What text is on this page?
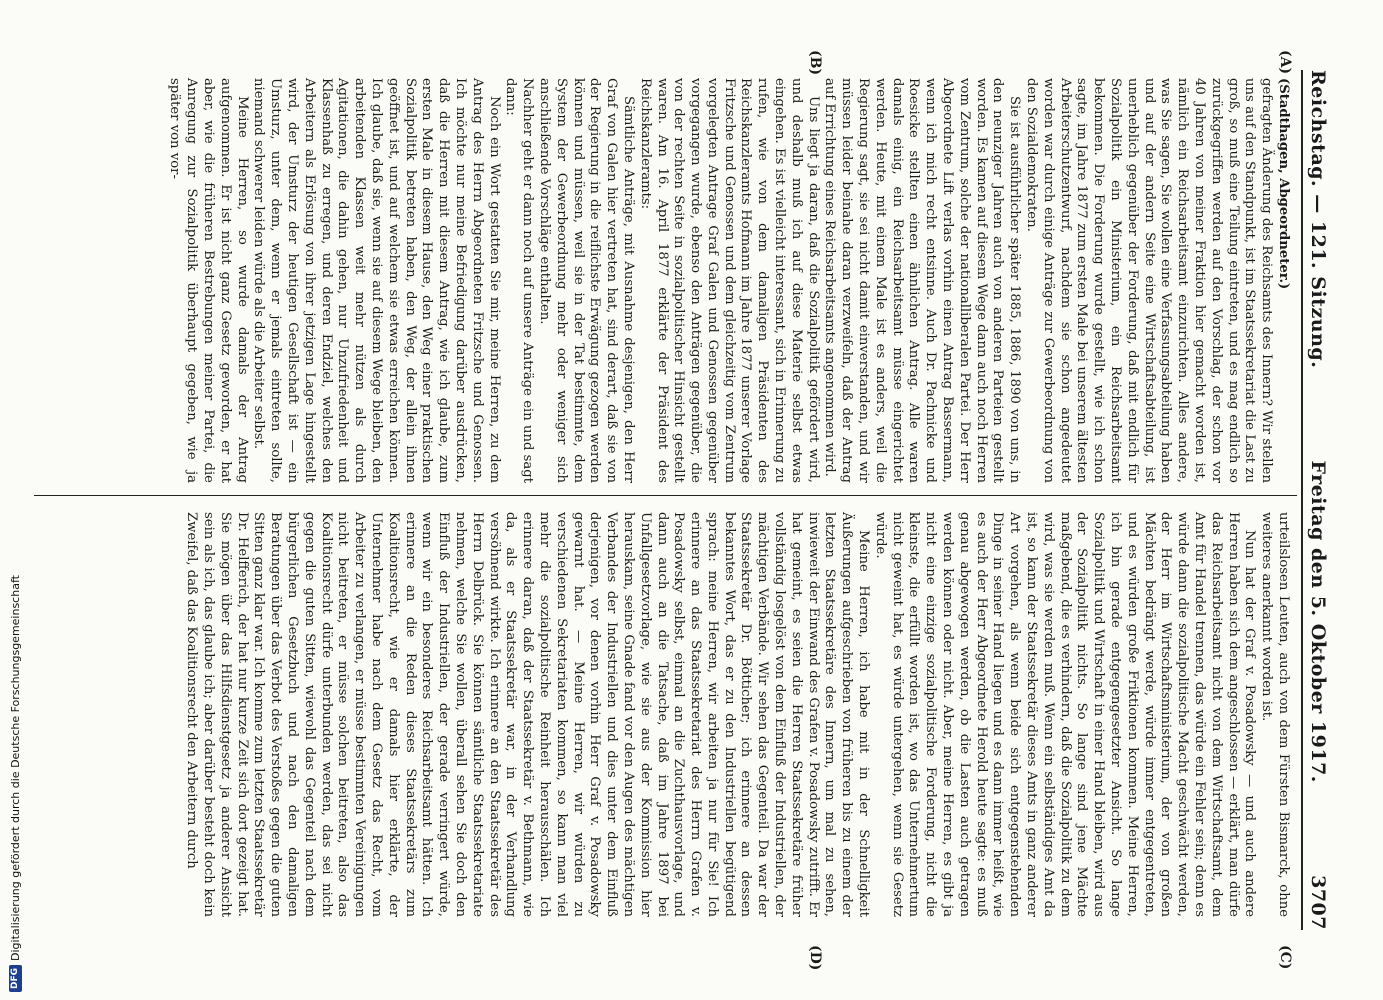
Reichstag. — 121. Sitzung.
Freitag den 5. Oktober 1917.
3707
(A)
(B)
(C)
(D)

(Stadthagen, Abgeordneter.)

gefragten Änderung des Reichsamts des Innern? Wir stellen uns auf den Standpunkt, ist im Staatssekretariat die Last zu groß, so muß eine Teilung eintreten, und es mag endlich so zurückgegriffen werden auf den Vorschlag, der schon vor 40 Jahren von meiner Fraktion hier gemacht worden ist, nämlich ein Reichsarbeitsamt einzurichten. Alles andere, was Sie sagen, Sie wollen eine Verfassungsabteilung haben und auf der andern Seite eine Wirtschaftsabteilung, ist unerheblich gegenüber der Forderung, daß mit endlich für Sozialpolitik ein Ministerium, ein Reichsarbeitsamt bekommen. Die Forderung wurde gestellt, wie ich schon sagte, im Jahre 1877 zum ersten Male bei unserem ältesten Arbeiterschutzentwurf, nachdem sie schon angedeutet worden war durch einige Anträge zur Gewerbeordnung von den Sozialdemokraten.

Sie ist ausführlicher später 1885, 1886, 1890 von uns, in den neunziger Jahren auch von anderen Parteien gestellt worden. Es kamen auf diesem Wege dann auch noch Herren vom Zentrum, solche der nationalliberalen Partei. Der Herr Abgeordnete Lift verlas vorhin einen Antrag Bassermann, wenn ich mich recht entsinne. Auch Dr. Pachnicke und Roesicke stellten einen ähnlichen Antrag. Alle waren damals einig, ein Reichsarbeitsamt müsse eingerichtet werden. Heute, mit einem Male ist es anders, weil die Regierung sagt, sie sei nicht damit einverstanden, und wir müssen leider beinahe daran verzweifeln, daß der Antrag auf Errichtung eines Reichsarbeitsamts angenommen wird.

Uns liegt ja daran, daß die Sozialpolitik gefördert wird, und deshalb muß ich auf diese Materie selbst etwas eingehen. Es ist vielleicht interessant, sich in Erinnerung zu rufen, wie von dem damaligen Präsidenten des Reichskanzleramts Hofmann im Jahre 1877 unserer Vorlage Fritzsche und Genossen und dem gleichzeitig vom Zentrum vorgelegten Antrage Graf Galen und Genossen gegenüber vorgegangen wurde, ebenso den Anträgen gegenüber, die von der rechten Seite in sozialpolitischer Hinsicht gestellt waren. Am 16. April 1877 erklärte der Präsident des Reichskanzleramts:

Sämtliche Anträge, mit Ausnahme desjenigen, den Herr Graf von Galen hier vertreten hat, sind derart, daß sie von der Regierung in die reiflichste Erwägung gezogen werden können und müssen, weil sie in der Tat bestimmte, dem System der Gewerbeordnung mehr oder weniger sich anschließende Vorschläge enthalten.

Nachher geht er dann noch auf unsere Anträge ein und sagt dann:

Noch ein Wort gestatten Sie mir, meine Herren, zu dem Antrag des Herrn Abgeordneten Fritzsche und Genossen. Ich möchte nur meine Befriedigung darüber ausdrücken, daß die Herren mit diesem Antrag, wie ich glaube, zum ersten Male in diesem Hause, den Weg einer praktischen Sozialpolitik betreten haben, den Weg, der allein ihnen geöffnet ist, und auf welchem sie etwas erreichen können. Ich glaube, daß sie, wenn sie auf diesem Wege bleiben, den arbeitenden Klassen weit mehr nützen als durch Agitationen, die dahin gehen, nur Unzufriedenheit und Klassenhaß zu erregen, und deren Endziel, welches den Arbeitern als Erlösung von ihrer jetzigen Lage hingestellt wird, der Umsturz der heutigen Gesellschaft ist — ein Umsturz, unter dem, wenn er jemals eintreten sollte, niemand schwerer leiden würde als die Arbeiter selbst.

Meine Herren, so wurde damals der Antrag aufgenommen. Er ist nicht ganz Gesetz geworden, er hat aber, wie die früheren Bestrebungen meiner Partei, die Anregung zur Sozialpolitik überhaupt gegeben, wie ja später von vor-

urteilslosen Leuten, auch von dem Fürsten Bismarck, ohne weiteres anerkannt worden ist.

Nun hat der Graf v. Posadowsky — und auch andere Herren haben sich dem angeschlossen — erklärt, man dürfe das Reichsarbeitsamt nicht von dem Wirtschaftsamt, dem Amt für Handel trennen, das würde ein Fehler sein; denn es würde dann die sozialpolitische Macht geschwächt werden, der Herr im Wirtschaftsministerium, der von großen Mächten bedrängt werde, würde immer entgegentreten, und es würden große Friktionen kommen. Meine Herren, ich bin gerade entgegengesetzter Ansicht. So lange Sozialpolitik und Wirtschaft in einer Hand bleiben, wird aus der Sozialpolitik nichts. So lange sind jene Mächte maßgebend, die es verhindern, daß die Sozialpolitik zu dem wird, was sie werden muß. Wenn ein selbständiges Amt da ist, so kann der Staatssekretär dieses Amts in ganz anderer Art vorgehen, als wenn beide sich entgegenstehenden Dinge in seiner Hand liegen und es dann immer heißt, wie es auch der Herr Abgeordnete Herold heute sagte: es muß genau abgewogen werden, ob die Lasten auch getragen werden können oder nicht. Aber, meine Herren, es gibt ja nicht eine einzige sozialpolitische Forderung, nicht die kleinste, die erfüllt worden ist, wo das Unternehmertum nicht geweint hat, es würde untergehen, wenn sie Gesetz würde.

Meine Herren, ich habe mit in der Schnelligkeit Äußerungen aufgeschrieben von früheren bis zu einem der letzten Staatssekretäre des Innern, um mal zu sehen, inwieweit der Einwand des Grafen v. Posadowsky zutrifft. Er hat gemeint, es seien die Herren Staatssekretäre früher vollständig losgelöst von dem Einfluß der Industriellen, der mächtigen Verbände. Wir sehen das Gegenteil. Da war der Staatssekretär Dr. Bötticher; ich erinnere an dessen bekanntes Wort, das er zu den Industriellen begütigend sprach: meine Herren, wir arbeiten ja nur für Sie! Ich erinnere an das Staatssekretariat des Herrn Grafen v. Posadowsky selbst, einmal an die Zuchthausvorlage, und dann auch an die Tatsache, daß im Jahre 1897 bei Unfallgesetzvorlage, wie sie aus der Kommission hier herauskam, seine Gnade fand vor den Augen des mächtigen Verbandes der Industriellen und dies unter dem Einfluß derjenigen, vor denen vorhin Herr Graf v. Posadowsky gewarnt hat. — Meine Herren, wir würden zu verschiedenen Sekretariaten kommen, so kann man viel mehr die sozialpolitische Reinheit herausschälen. Ich erinnere daran, daß der Staatssekretär v. Bethmann, wie da, als er Staatssekretär war, in der Verhandlung versöhnend wirkte. Ich erinnere an den Staatssekretär des Herrn Delbrück. Sie können sämtliche Staatssekretariate nehmen, welche Sie wollen, überall sehen Sie doch den Einfluß der Industriellen, der gerade verringert würde, wenn wir ein besonderes Reichsarbeitsamt hätten. Ich erinnere an die Reden dieses Staatssekretärs zum Koalitionsrecht, wie er damals hier erklärte, der Unternehmer habe nach dem Gesetz das Recht, vom Arbeiter zu verlangen, er müsse bestimmten Vereinigungen nicht beitreten, er müsse solchen beitreten, also das Koalitionsrecht dürfe unterbunden werden, das sei nicht gegen die guten Sitten, wiewohl das Gegenteil nach dem bürgerlichen Gesetzbuch und nach den damaligen Beratungen über das Verbot des Verstoßes gegen die guten Sitten ganz klar war. Ich komme zum letzten Staatssekretär Dr. Helfferich, der hat nur kurze Zeit sich dort gezeigt hat. Sie mögen über das Hilfsdienstgesetz ja anderer Ansicht sein als ich, das glaube ich; aber darüber besteht doch kein Zweifel, daß das Koalitionsrecht den Arbeitern durch

DFG
Digitalisierung gefördert durch die Deutsche Forschungsgemeinschaft
